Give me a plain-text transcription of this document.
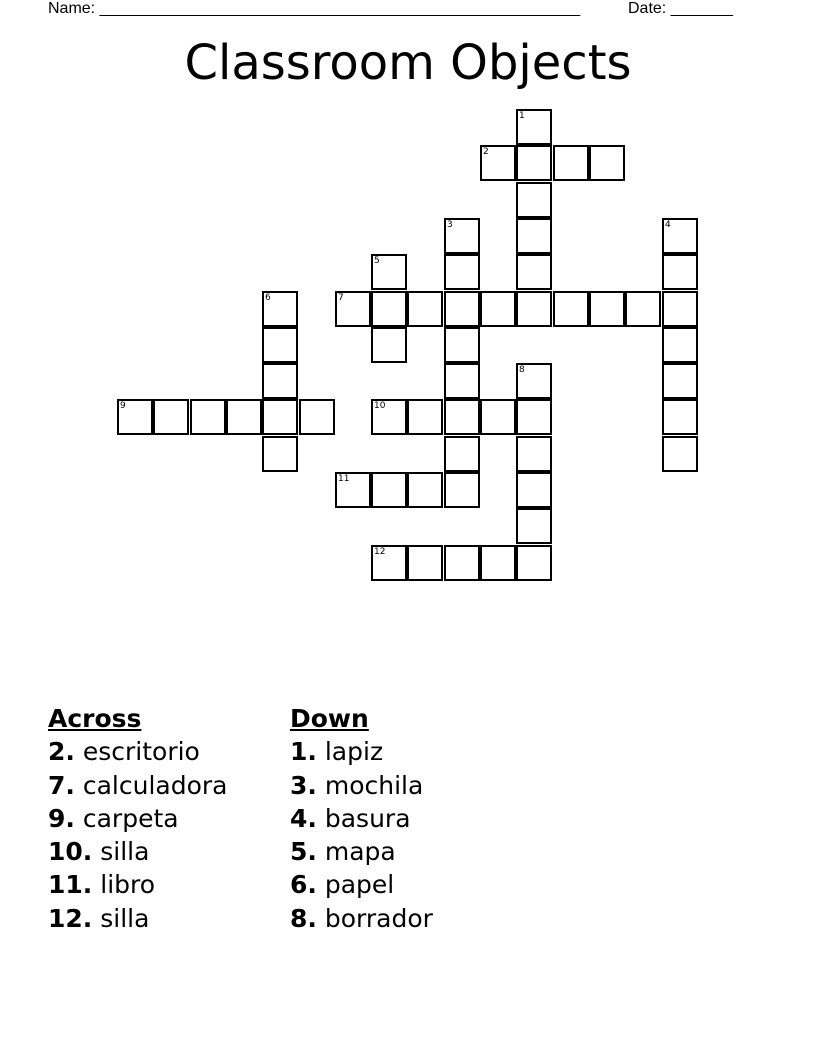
Name: ______________________________________________________	Date: _______
Classroom Objects
1
2
3	4
5
6	7
8
9	10
11
12
Across
2. escritorio
7. calculadora
9. carpeta
10. silla
11. libro
12. silla
Down
1. lapiz
3. mochila
4. basura
5. mapa
6. papel
8. borrador
